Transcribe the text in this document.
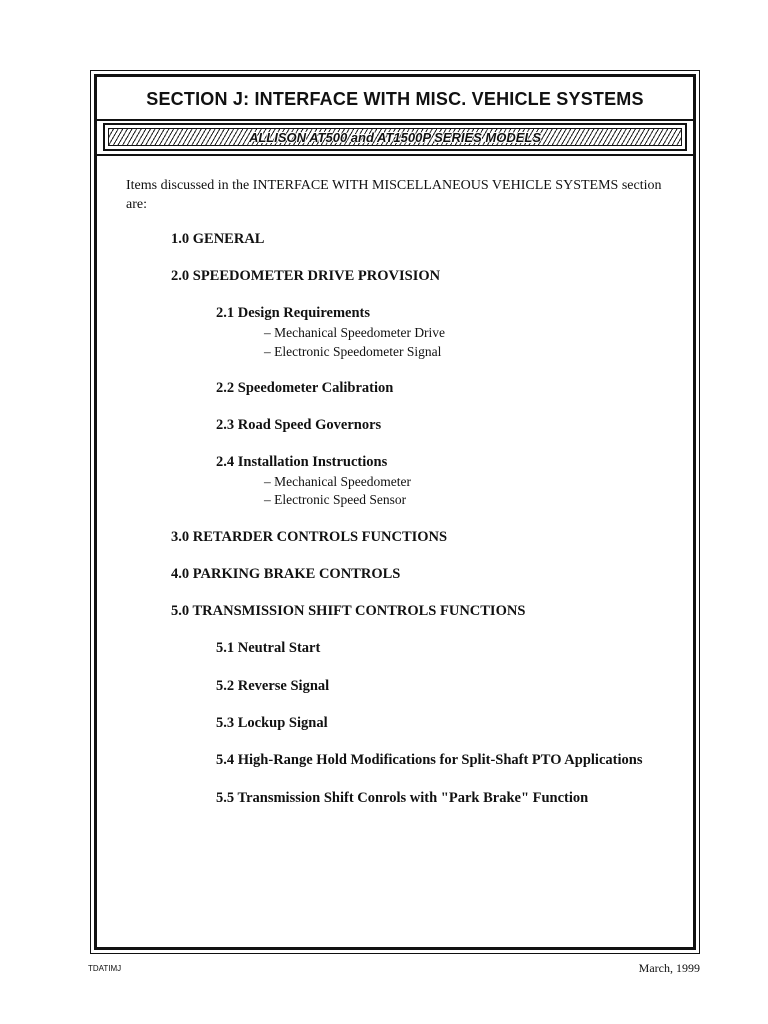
SECTION J: INTERFACE WITH MISC. VEHICLE SYSTEMS
ALLISON AT500 and AT1500P SERIES MODELS
Items discussed in the INTERFACE WITH MISCELLANEOUS VEHICLE SYSTEMS section are:
1.0 GENERAL
2.0 SPEEDOMETER DRIVE PROVISION
2.1 Design Requirements
– Mechanical Speedometer Drive
– Electronic Speedometer Signal
2.2 Speedometer Calibration
2.3 Road Speed Governors
2.4 Installation Instructions
– Mechanical Speedometer
– Electronic Speed Sensor
3.0 RETARDER CONTROLS FUNCTIONS
4.0 PARKING BRAKE CONTROLS
5.0 TRANSMISSION SHIFT CONTROLS FUNCTIONS
5.1 Neutral Start
5.2 Reverse Signal
5.3 Lockup Signal
5.4 High-Range Hold Modifications for Split-Shaft PTO Applications
5.5 Transmission Shift Conrols with "Park Brake" Function
TDATIMJ	March, 1999
